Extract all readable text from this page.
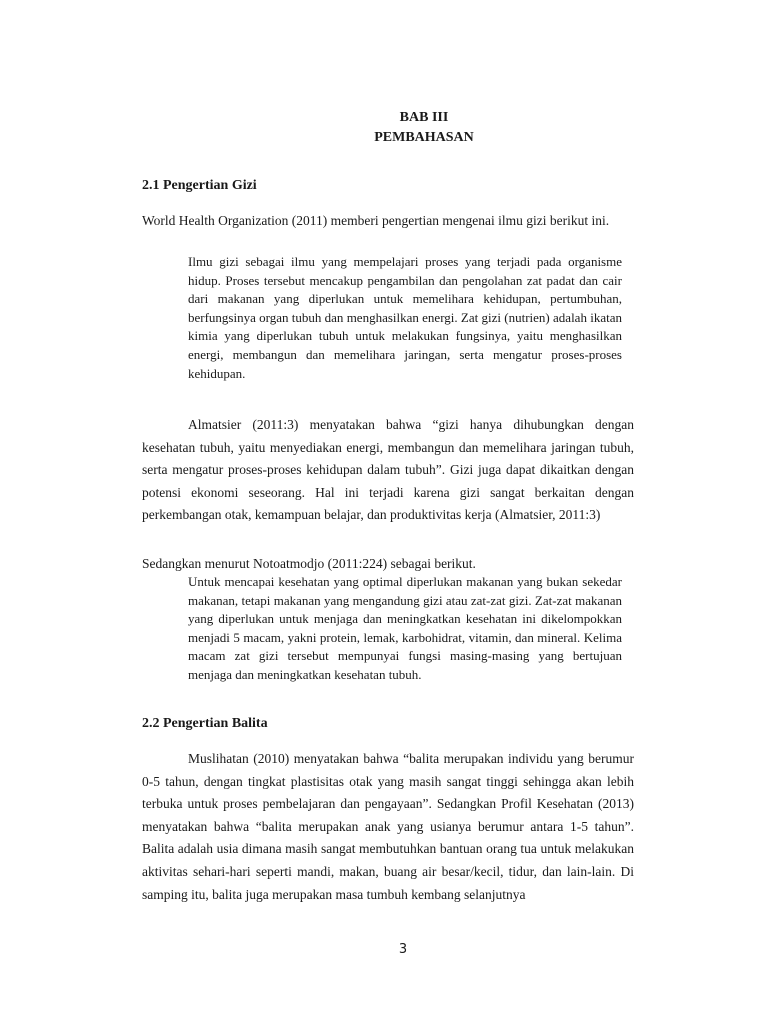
BAB III
PEMBAHASAN
2.1 Pengertian Gizi
World Health Organization (2011) memberi pengertian mengenai ilmu gizi berikut ini.
Ilmu gizi sebagai ilmu yang mempelajari proses yang terjadi pada organisme hidup. Proses tersebut mencakup pengambilan dan pengolahan zat padat dan cair dari makanan yang diperlukan untuk memelihara kehidupan, pertumbuhan, berfungsinya organ tubuh dan menghasilkan energi. Zat gizi (nutrien) adalah ikatan kimia yang diperlukan tubuh untuk melakukan fungsinya, yaitu menghasilkan energi, membangun dan memelihara jaringan, serta mengatur proses-proses kehidupan.
Almatsier (2011:3) menyatakan bahwa “gizi hanya dihubungkan dengan kesehatan tubuh, yaitu menyediakan energi, membangun dan memelihara jaringan tubuh, serta mengatur proses-proses kehidupan dalam tubuh”. Gizi juga dapat dikaitkan dengan potensi ekonomi seseorang. Hal ini terjadi karena gizi sangat berkaitan dengan perkembangan otak, kemampuan belajar, dan produktivitas kerja (Almatsier, 2011:3)
Sedangkan menurut Notoatmodjo (2011:224) sebagai berikut.
Untuk mencapai kesehatan yang optimal diperlukan makanan yang bukan sekedar makanan, tetapi makanan yang mengandung gizi atau zat-zat gizi. Zat-zat makanan yang diperlukan untuk menjaga dan meningkatkan kesehatan ini dikelompokkan menjadi 5 macam, yakni protein, lemak, karbohidrat, vitamin, dan mineral. Kelima macam zat gizi tersebut mempunyai fungsi masing-masing yang bertujuan menjaga dan meningkatkan kesehatan tubuh.
2.2 Pengertian Balita
Muslihatan (2010) menyatakan bahwa “balita merupakan individu yang berumur 0-5 tahun, dengan tingkat plastisitas otak yang masih sangat tinggi sehingga akan lebih terbuka untuk proses pembelajaran dan pengayaan”. Sedangkan Profil Kesehatan (2013) menyatakan bahwa “balita merupakan anak yang usianya berumur antara 1-5 tahun”. Balita adalah usia dimana masih sangat membutuhkan bantuan orang tua untuk melakukan aktivitas sehari-hari seperti mandi, makan, buang air besar/kecil, tidur, dan lain-lain. Di samping itu, balita juga merupakan masa tumbuh kembang selanjutnya
3
